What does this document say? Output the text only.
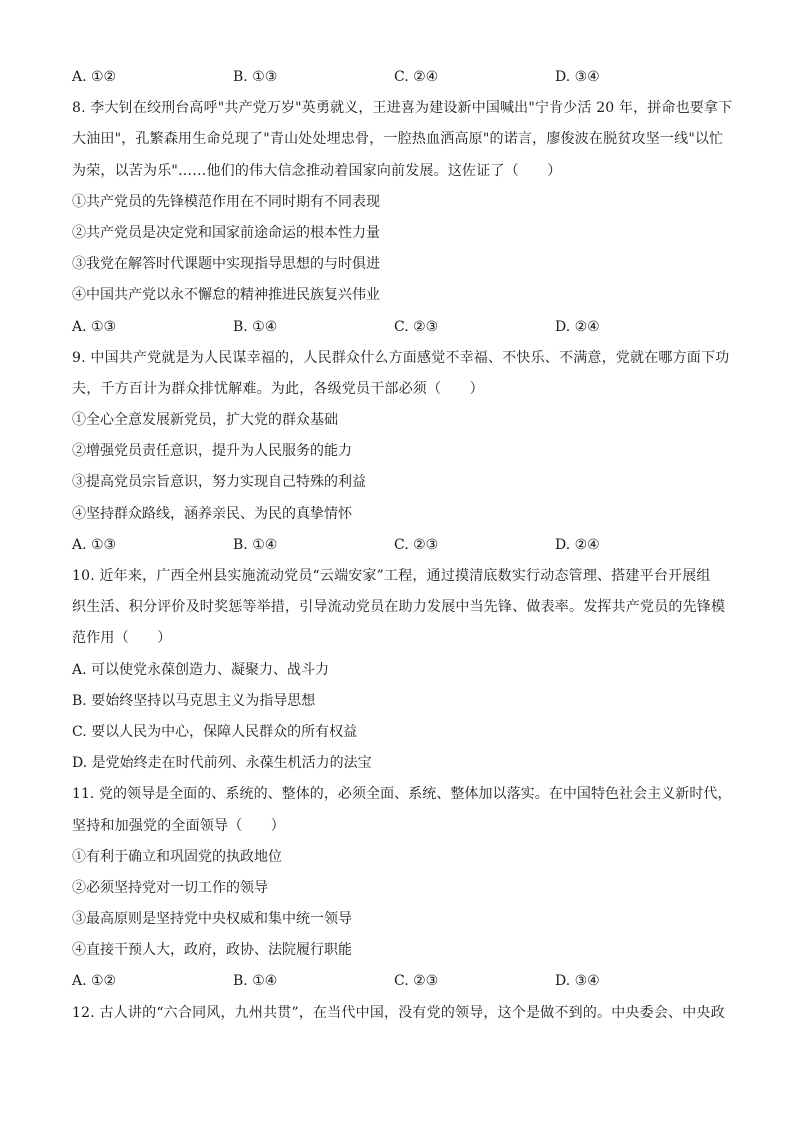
A. ①②	B. ①③	C. ②④	D. ③④
8. 李大钊在绞刑台高呼"共产党万岁"英勇就义，王进喜为建设新中国喊出"宁肯少活 20 年，拼命也要拿下
大油田"，孔繁森用生命兑现了"青山处处埋忠骨，一腔热血洒高原"的诺言，廖俊波在脱贫攻坚一线"以忙
为荣，以苦为乐"……他们的伟大信念推动着国家向前发展。这佐证了（　　）
①共产党员的先锋模范作用在不同时期有不同表现
②共产党员是决定党和国家前途命运的根本性力量
③我党在解答时代课题中实现指导思想的与时俱进
④中国共产党以永不懈怠的精神推进民族复兴伟业
A. ①③	B. ①④	C. ②③	D. ②④
9. 中国共产党就是为人民谋幸福的，人民群众什么方面感觉不幸福、不快乐、不满意，党就在哪方面下功
夫，千方百计为群众排忧解难。为此，各级党员干部必须（　　）
①全心全意发展新党员，扩大党的群众基础
②增强党员责任意识，提升为人民服务的能力
③提高党员宗旨意识，努力实现自己特殊的利益
④坚持群众路线，涵养亲民、为民的真挚情怀
A. ①③	B. ①④	C. ②③	D. ②④
10. 近年来，广西全州县实施流动党员“云端安家”工程，通过摸清底数实行动态管理、搭建平台开展组
织生活、积分评价及时奖惩等举措，引导流动党员在助力发展中当先锋、做表率。发挥共产党员的先锋模
范作用（　　）
A. 可以使党永葆创造力、凝聚力、战斗力
B. 要始终坚持以马克思主义为指导思想
C. 要以人民为中心，保障人民群众的所有权益
D. 是党始终走在时代前列、永葆生机活力的法宝
11. 党的领导是全面的、系统的、整体的，必须全面、系统、整体加以落实。在中国特色社会主义新时代，
坚持和加强党的全面领导（　　）
①有利于确立和巩固党的执政地位
②必须坚持党对一切工作的领导
③最高原则是坚持党中央权威和集中统一领导
④直接干预人大，政府，政协、法院履行职能
A. ①②	B. ①④	C. ②③	D. ③④
12. 古人讲的“六合同风，九州共贯”，在当代中国，没有党的领导，这个是做不到的。中央委会、中央政
